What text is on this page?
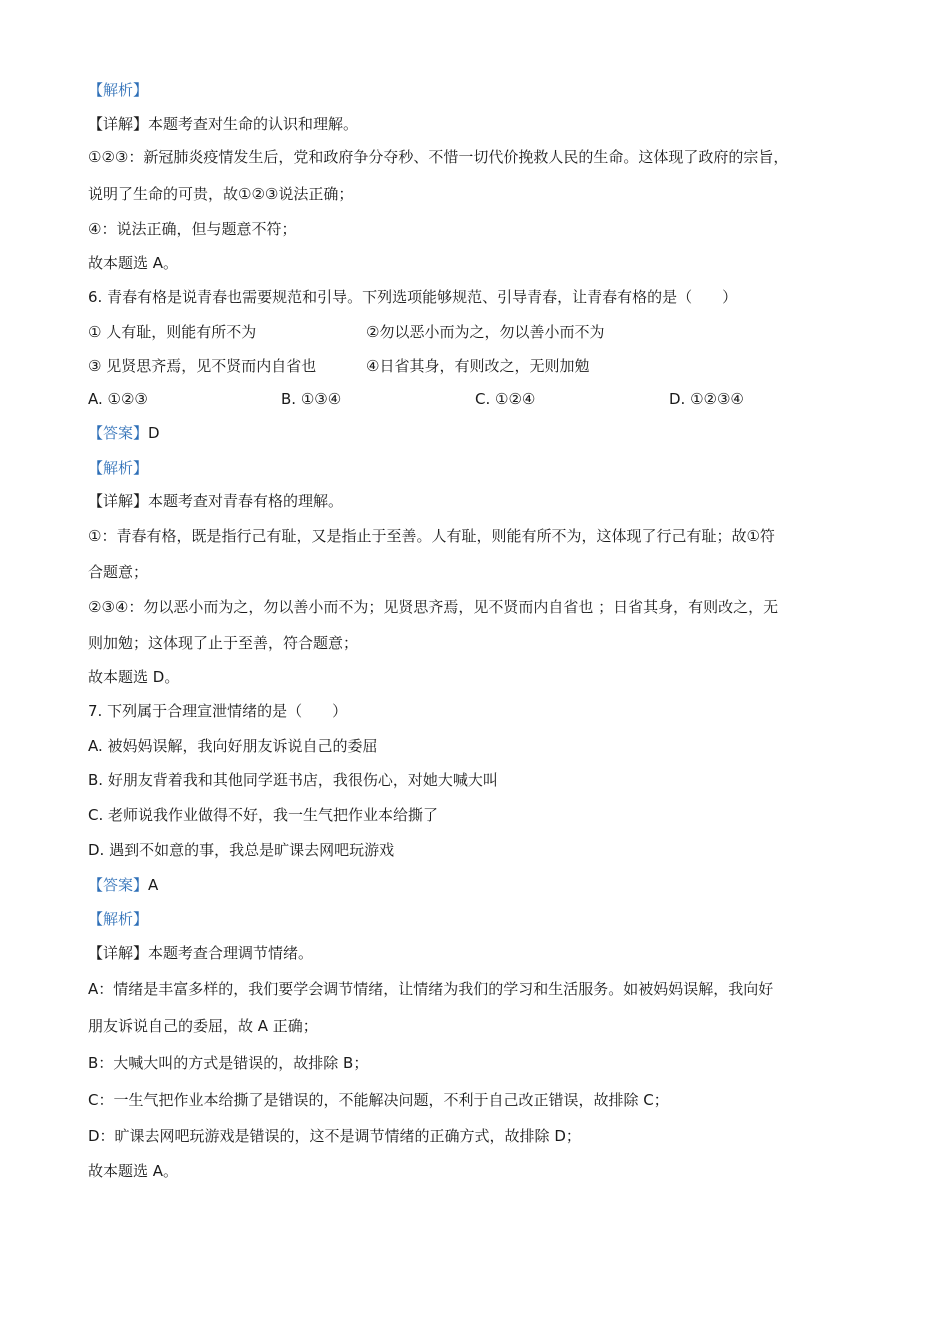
【解析】
【详解】本题考查对生命的认识和理解。
①②③：新冠肺炎疫情发生后，党和政府争分夺秒、不惜一切代价挽救人民的生命。这体现了政府的宗旨，
说明了生命的可贵，故①②③说法正确；
④：说法正确，但与题意不符；
故本题选 A。
6. 青春有格是说青春也需要规范和引导。下列选项能够规范、引导青春，让青春有格的是（　　）
① 人有耻，则能有所不为	②勿以恶小而为之，勿以善小而不为
③ 见贤思齐焉，见不贤而内自省也	④日省其身，有则改之，无则加勉
A. ①②③	B. ①③④	C. ①②④	D. ①②③④
【答案】D
【解析】
【详解】本题考查对青春有格的理解。
①：青春有格，既是指行己有耻，又是指止于至善。人有耻，则能有所不为，这体现了行己有耻；故①符
合题意；
②③④：勿以恶小而为之，勿以善小而不为；见贤思齐焉，见不贤而内自省也 ；日省其身，有则改之，无
则加勉；这体现了止于至善，符合题意；
故本题选 D。
7. 下列属于合理宣泄情绪的是（　　）
A. 被妈妈误解，我向好朋友诉说自己的委屈
B. 好朋友背着我和其他同学逛书店，我很伤心，对她大喊大叫
C. 老师说我作业做得不好，我一生气把作业本给撕了
D. 遇到不如意的事，我总是旷课去网吧玩游戏
【答案】A
【解析】
【详解】本题考查合理调节情绪。
A：情绪是丰富多样的，我们要学会调节情绪，让情绪为我们的学习和生活服务。如被妈妈误解，我向好
朋友诉说自己的委屈，故 A 正确；
B：大喊大叫的方式是错误的，故排除 B；
C：一生气把作业本给撕了是错误的，不能解决问题，不利于自己改正错误，故排除 C；
D：旷课去网吧玩游戏是错误的，这不是调节情绪的正确方式，故排除 D；
故本题选 A。
